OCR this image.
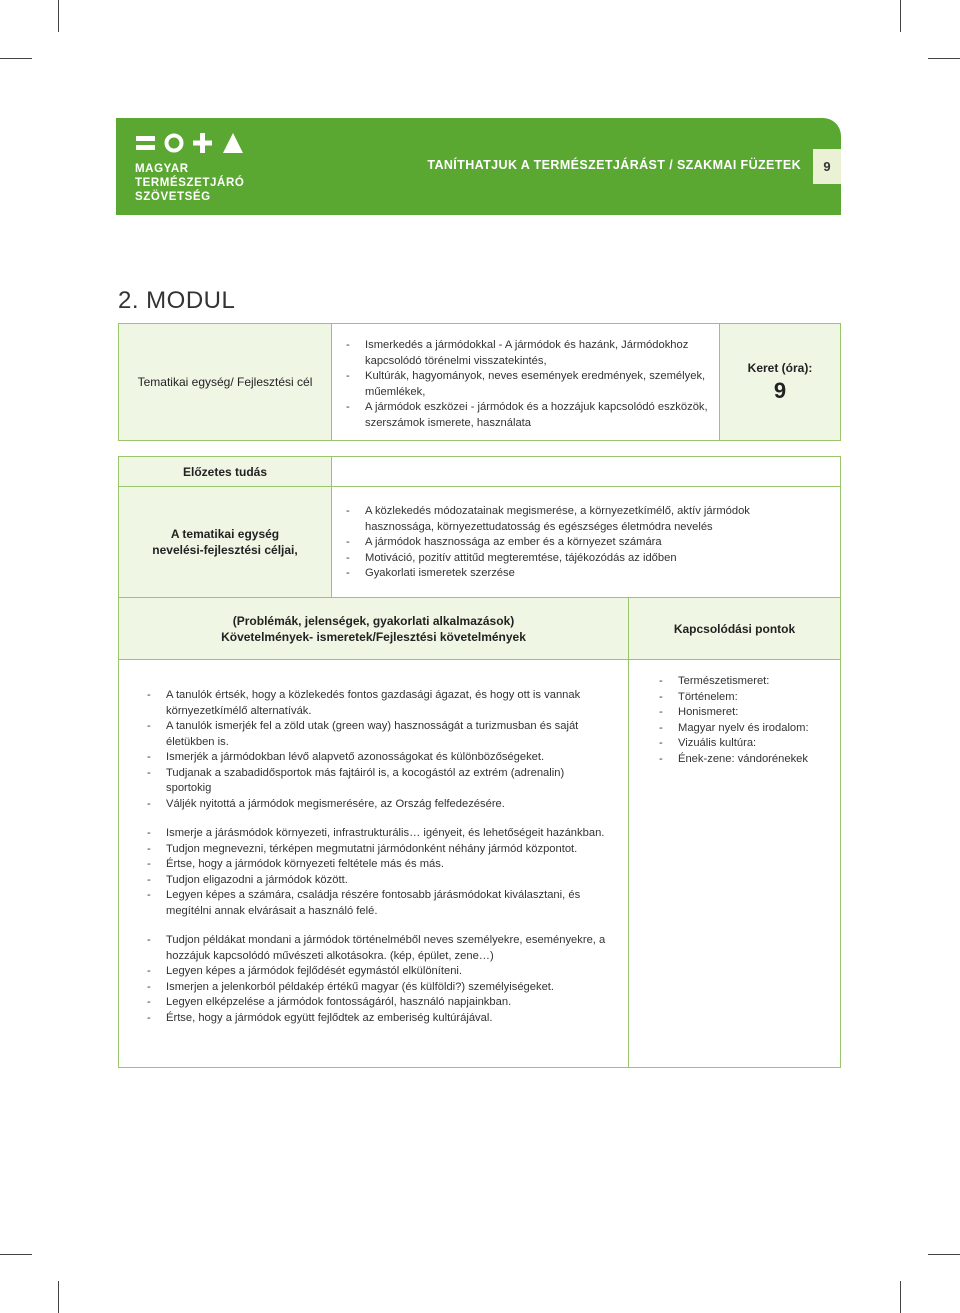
MAGYAR
TERMÉSZETJÁRÓ
SZÖVETSÉG
TANÍTHATJUK A TERMÉSZETJÁRÁST / SZAKMAI FÜZETEK	9
2. MODUL
Tematikai egység/ Fejlesztési cél
- Ismerkedés a jármódokkal - A jármódok és hazánk, Jármódokhoz kapcsolódó törénelmi visszatekintés,
- Kultúrák, hagyományok, neves események eredmények, személyek, műemlékek,
- A jármódok eszközei - jármódok és a hozzájuk kapcsolódó eszközök, szerszámok ismerete, használata
Keret (óra):
9
Előzetes tudás
A tematikai egység
nevelési-fejlesztési céljai,
- A közlekedés módozatainak megismerése, a környezetkímélő, aktív jármódok hasznossága, környezettudatosság és egészséges életmódra nevelés
- A jármódok hasznossága az ember és a környezet számára
- Motiváció, pozitív attitűd megteremtése, tájékozódás az időben
- Gyakorlati ismeretek szerzése
(Problémák, jelenségek, gyakorlati alkalmazások)
Követelmények- ismeretek/Fejlesztési követelmények
Kapcsolódási pontok
- A tanulók értsék, hogy a közlekedés fontos gazdasági ágazat, és hogy ott is vannak környezetkímélő alternatívák.
- A tanulók ismerjék fel a zöld utak (green way) hasznosságát a turizmusban és saját életükben is.
- Ismerjék a jármódokban lévő alapvető azonosságokat és különbözőségeket.
- Tudjanak a szabadidősportok más fajtáiról is, a kocogástól az extrém (adrenalin) sportokig
- Váljék nyitottá a jármódok megismerésére, az Ország felfedezésére.
- Ismerje a járásmódok környezeti, infrastrukturális… igényeit, és lehetőségeit hazánkban.
- Tudjon megnevezni, térképen megmutatni jármódonként néhány jármód központot.
- Értse, hogy a jármódok környezeti feltétele más és más.
- Tudjon eligazodni a jármódok között.
- Legyen képes a számára, családja részére fontosabb járásmódokat kiválasztani, és megítélni annak elvárásait a használó felé.
- Tudjon példákat mondani a jármódok történelméből neves személyekre, eseményekre, a hozzájuk kapcsolódó művészeti alkotásokra. (kép, épület, zene…)
- Legyen képes a jármódok fejlődését egymástól elkülöníteni.
- Ismerjen a jelenkorból példakép értékű magyar (és külföldi?) személyiségeket.
- Legyen elképzelése a jármódok fontosságáról, használó napjainkban.
- Értse, hogy a jármódok együtt fejlődtek az emberiség kultúrájával.
- Természetismeret:
- Történelem:
- Honismeret:
- Magyar nyelv és irodalom:
- Vizuális kultúra:
- Ének-zene: vándorénekek
